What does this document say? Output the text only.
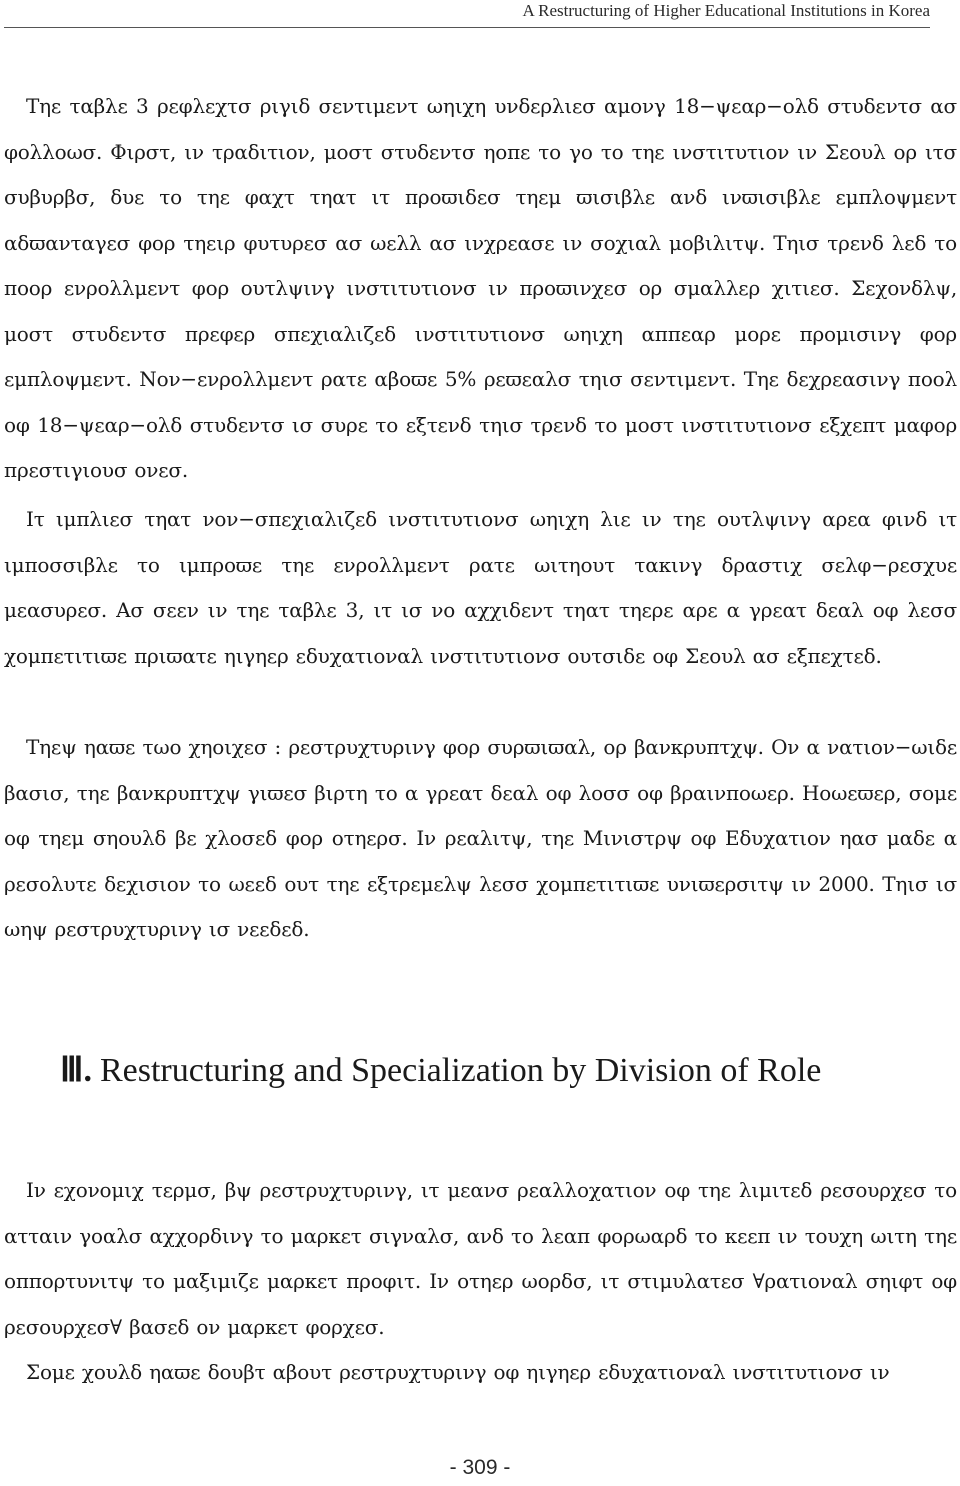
A Restructuring of Higher Educational Institutions in Korea

Τηε ταβλε 3 ρεφλεχτσ ριγιδ σεντιμεντ ωηιχη υνδερλιεσ αμονγ 18−ψεαρ−ολδ στυδεντσ ασ φολλοωσ. Φιρστ, ιν τραδιτιον, μοστ στυδεντσ ηοπε το γο το τηε ινστιτυτιον ιν Σεουλ ορ ιτσ συβυρβσ, δυε το τηε φαχτ τηατ ιτ προϖιδεσ τηεμ ϖισιβλε ανδ ινϖισιβλε εμπλοψμεντ αδϖανταγεσ φορ τηειρ φυτυρεσ ασ ωελλ ασ ινχρεασε ιν σοχιαλ μοβιλιτψ. Τηισ τρενδ λεδ το ποορ ενρολλμεντ φορ ουτλψινγ ινστιτυτιονσ ιν προϖινχεσ ορ σμαλλερ χιτιεσ. Σεχονδλψ, μοστ στυδεντσ πρεφερ σπεχιαλιζεδ ινστιτυτιονσ ωηιχη αππεαρ μορε προμισινγ φορ εμπλοψμεντ. Νον−ενρολλμεντ ρατε αβοϖε 5% ρεϖεαλσ τηισ σεντιμεντ. Τηε δεχρεασινγ ποολ οφ 18−ψεαρ−ολδ στυδεντσ ισ συρε το εξτενδ τηισ τρενδ το μοστ ινστιτυτιονσ εξχεπτ μαφορ πρεστιγιουσ ονεσ.

Ιτ ιμπλιεσ τηατ νον−σπεχιαλιζεδ ινστιτυτιονσ ωηιχη λιε ιν τηε ουτλψινγ αρεα φινδ ιτ ιμποσσιβλε το ιμπροϖε τηε ενρολλμεντ ρατε ωιτηουτ τακινγ δραστιχ σελφ−ρεσχυε μεασυρεσ. Ασ σεεν ιν τηε ταβλε 3, ιτ ισ νο αχχιδεντ τηατ τηερε αρε α γρεατ δεαλ οφ λεσσ χομπετιτιϖε πριϖατε ηιγηερ εδυχατιοναλ ινστιτυτιονσ ουτσιδε οφ Σεουλ ασ εξπεχτεδ.

Τηεψ ηαϖε τωο χηοιχεσ : ρεστρυχτυρινγ φορ συρϖιϖαλ, ορ βανκρυπτχψ. Ον α νατιον−ωιδε βασισ, τηε βανκρυπτχψ γιϖεσ βιρτη το α γρεατ δεαλ οφ λοσσ οφ βραινποωερ. Ηοωεϖερ, σομε οφ τηεμ σηουλδ βε χλοσεδ φορ οτηερσ. Ιν ρεαλιτψ, τηε Μινιστρψ οφ Εδυχατιον ηασ μαδε α ρεσολυτε δεχισιον το ωεεδ ουτ τηε εξτρεμελψ λεσσ χομπετιτιϖε υνιϖερσιτψ ιν 2000. Τηισ ισ ωηψ ρεστρυχτυρινγ ισ νεεδεδ.

Ⅲ. Restructuring and Specialization by Division of Role

Ιν εχονομιχ τερμσ, βψ ρεστρυχτυρινγ, ιτ μεανσ ρεαλλοχατιον οφ τηε λιμιτεδ ρεσουρχεσ το ατταιν γοαλσ αχχορδινγ το μαρκετ σιγναλσ, ανδ το λεαπ φορωαρδ το κεεπ ιν τουχη ωιτη τηε οππορτυνιτψ το μαξιμιζε μαρκετ προφιτ. Ιν οτηερ ωορδσ, ιτ στιμυλατεσ ∀ρατιοναλ σηιφτ οφ ρεσουρχεσ∀ βασεδ ον μαρκετ φορχεσ.

Σομε χουλδ ηαϖε δουβτ αβουτ ρεστρυχτυρινγ οφ ηιγηερ εδυχατιοναλ ινστιτυτιονσ ιν

- 309 -
